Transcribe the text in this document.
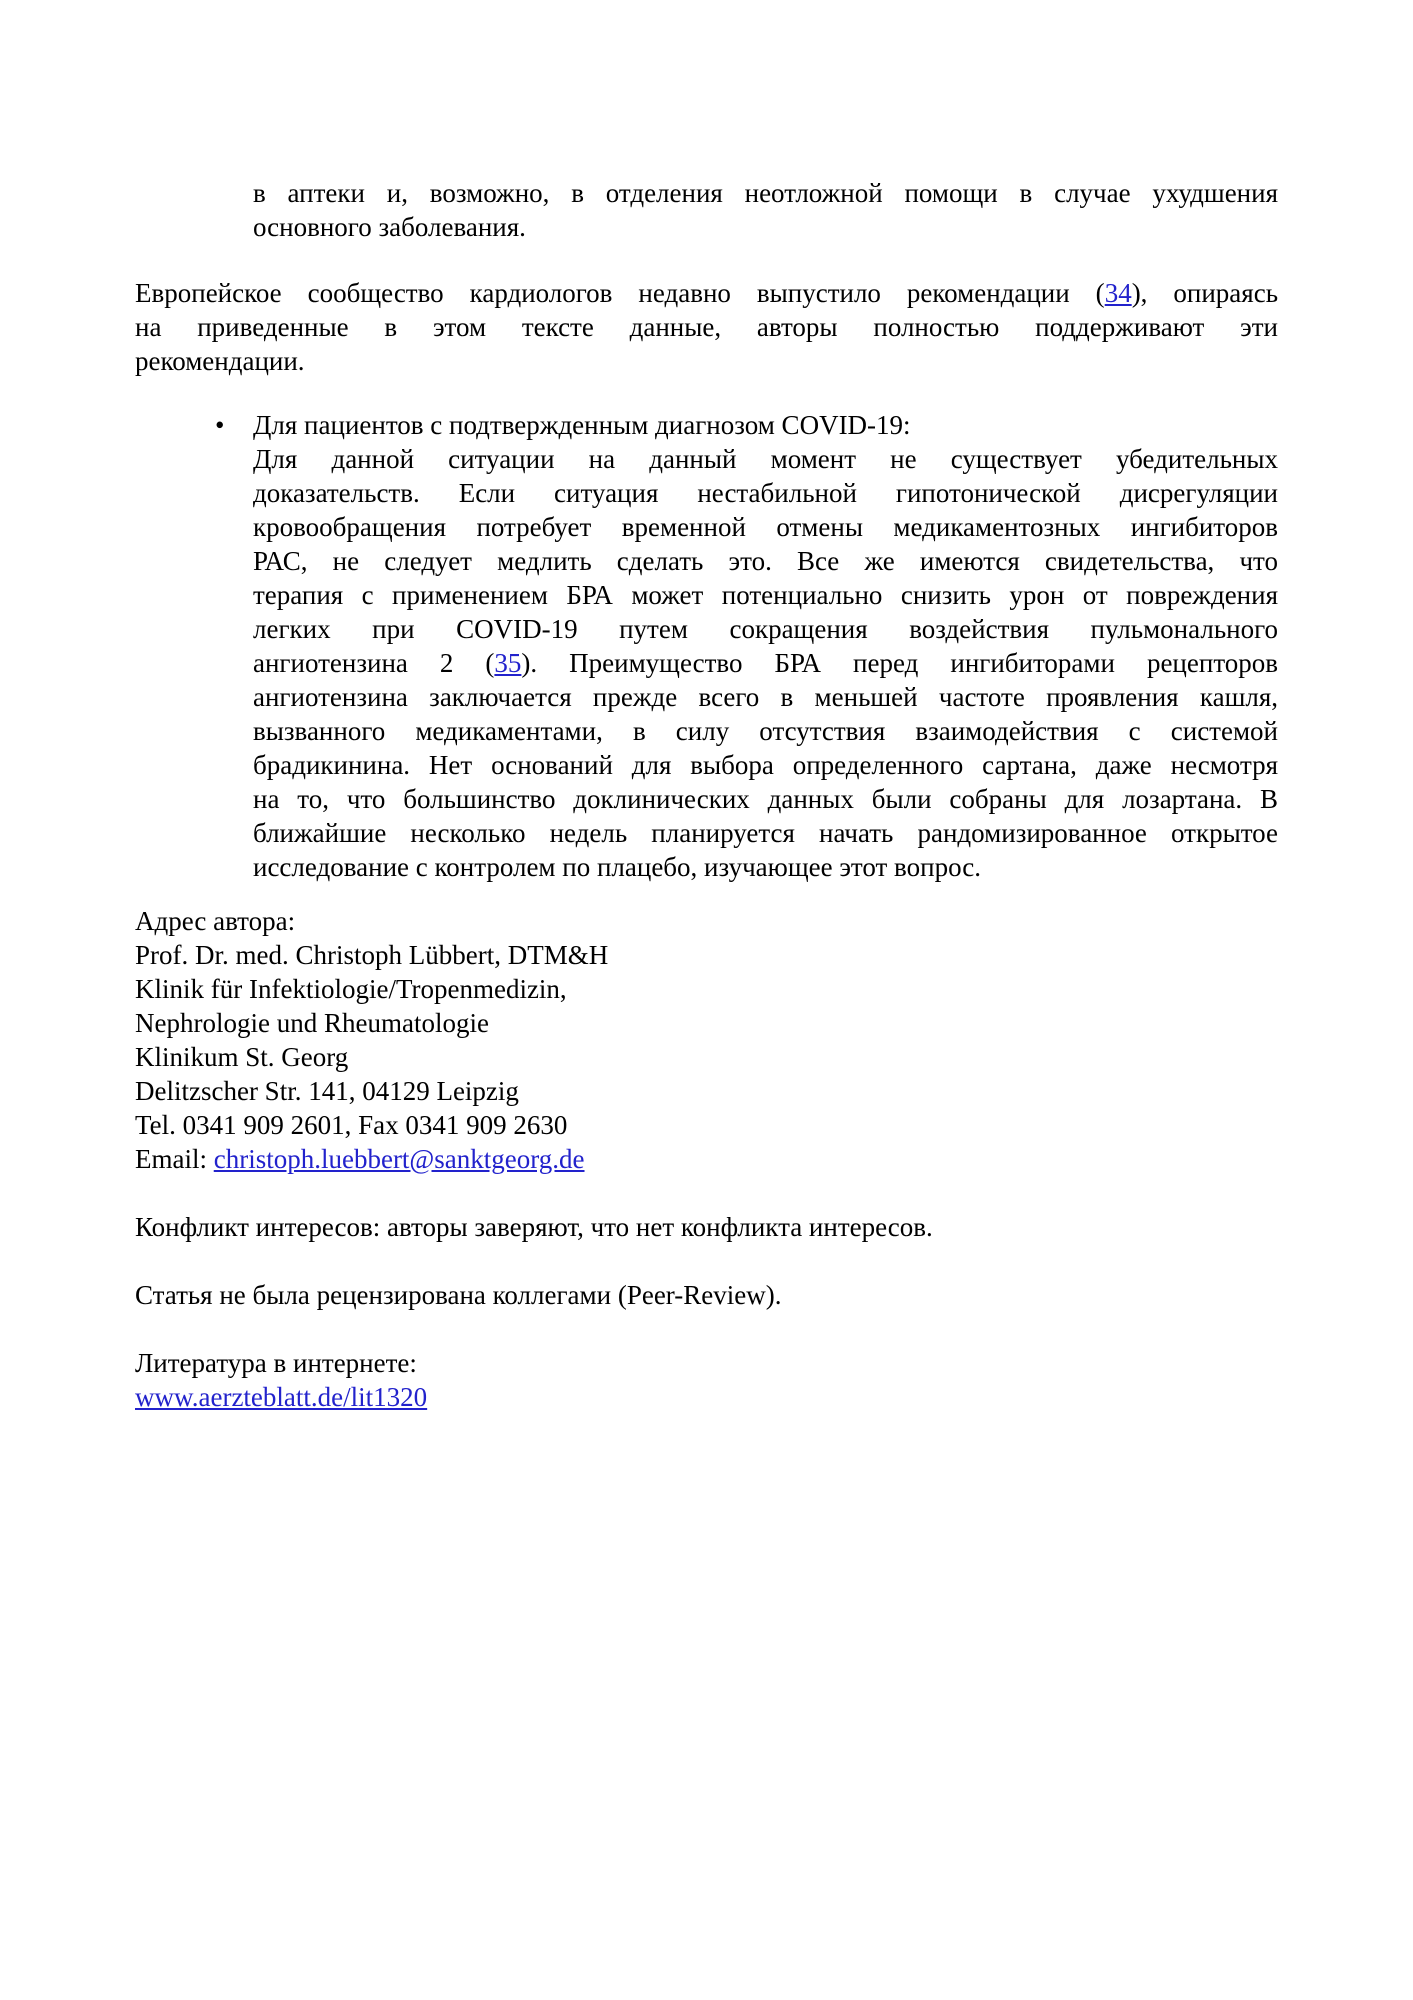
в аптеки и, возможно, в отделения неотложной помощи в случае ухудшения
основного заболевания.
Европейское сообщество кардиологов недавно выпустило рекомендации (34), опираясь
на приведенные в этом тексте данные, авторы полностью поддерживают эти
рекомендации.
• Для пациентов с подтвержденным диагнозом COVID-19:
Для данной ситуации на данный момент не существует убедительных
доказательств. Если ситуация нестабильной гипотонической дисрегуляции
кровообращения потребует временной отмены медикаментозных ингибиторов
РАС, не следует медлить сделать это. Все же имеются свидетельства, что
терапия с применением БРА может потенциально снизить урон от повреждения
легких при COVID-19 путем сокращения воздействия пульмонального
ангиотензина 2 (35). Преимущество БРА перед ингибиторами рецепторов
ангиотензина заключается прежде всего в меньшей частоте проявления кашля,
вызванного медикаментами, в силу отсутствия взаимодействия с системой
брадикинина. Нет оснований для выбора определенного сартана, даже несмотря
на то, что большинство доклинических данных были собраны для лозартана. В
ближайшие несколько недель планируется начать рандомизированное открытое
исследование с контролем по плацебо, изучающее этот вопрос.
Адрес автора:
Prof. Dr. med. Christoph Lübbert, DTM&H
Klinik für Infektiologie/Tropenmedizin,
Nephrologie und Rheumatologie
Klinikum St. Georg
Delitzscher Str. 141, 04129 Leipzig
Tel. 0341 909 2601, Fax 0341 909 2630
Email: christoph.luebbert@sanktgeorg.de
Конфликт интересов: авторы заверяют, что нет конфликта интересов.
Статья не была рецензирована коллегами (Peer-Review).
Литература в интернете:
www.aerzteblatt.de/lit1320
